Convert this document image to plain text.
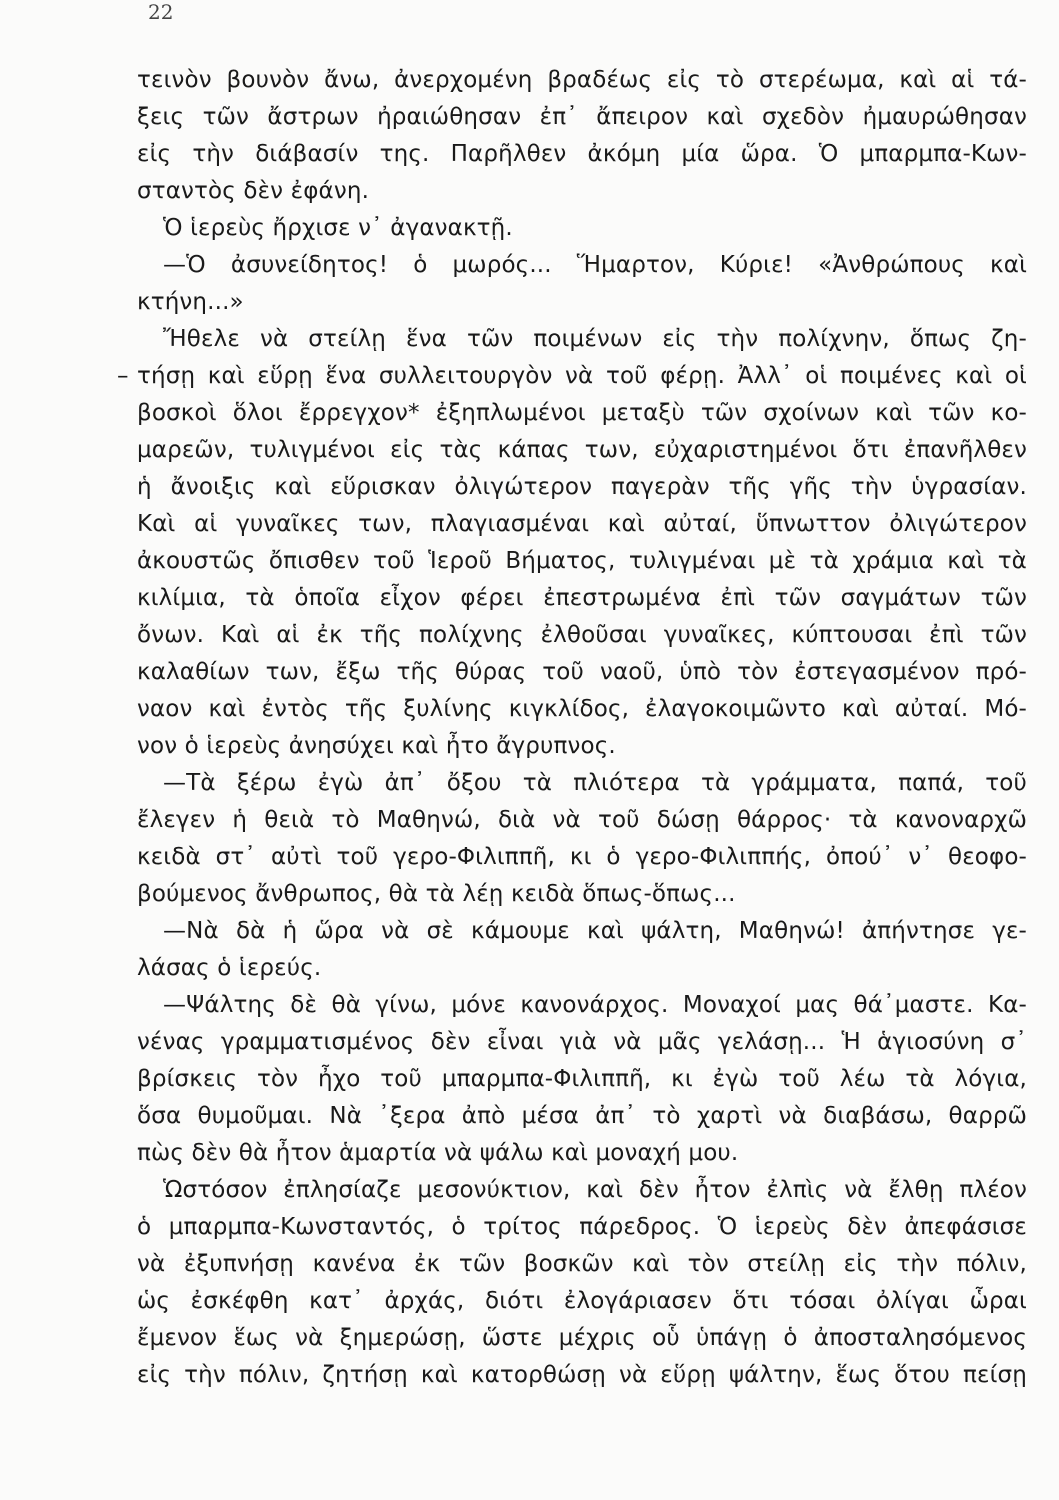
22
τεινὸν βουνὸν ἄνω, ἀνερχομένη βραδέως εἰς τὸ στερέωμα, καὶ αἱ τά-
ξεις τῶν ἄστρων ἠραιώθησαν ἐπ᾽ ἄπειρον καὶ σχεδὸν ἠμαυρώθησαν
εἰς τὴν διάβασίν της. Παρῆλθεν ἀκόμη μία ὥρα. Ὁ μπαρμπα-Κων-
σταντὸς δὲν ἐφάνη.
Ὁ ἱερεὺς ἤρχισε ν᾽ ἀγανακτῇ.
—Ὁ ἀσυνείδητος! ὁ μωρός... Ἥμαρτον, Κύριε! «Ἀνθρώπους καὶ
κτήνη...»
Ἤθελε νὰ στείλῃ ἕνα τῶν ποιμένων εἰς τὴν πολίχνην, ὅπως ζη-
– τήσῃ καὶ εὕρῃ ἕνα συλλειτουργὸν νὰ τοῦ φέρῃ. Ἀλλ᾽ οἱ ποιμένες καὶ οἱ
βοσκοὶ ὅλοι ἔρρεγχον* ἐξηπλωμένοι μεταξὺ τῶν σχοίνων καὶ τῶν κο-
μαρεῶν, τυλιγμένοι εἰς τὰς κάπας των, εὐχαριστημένοι ὅτι ἐπανῆλθεν
ἡ ἄνοιξις καὶ εὕρισκαν ὀλιγώτερον παγερὰν τῆς γῆς τὴν ὑγρασίαν.
Καὶ αἱ γυναῖκες των, πλαγιασμέναι καὶ αὐταί, ὕπνωττον ὀλιγώτερον
ἀκουστῶς ὄπισθεν τοῦ Ἱεροῦ Βήματος, τυλιγμέναι μὲ τὰ χράμια καὶ τὰ
κιλίμια, τὰ ὁποῖα εἶχον φέρει ἐπεστρωμένα ἐπὶ τῶν σαγμάτων τῶν
ὄνων. Καὶ αἱ ἐκ τῆς πολίχνης ἐλθοῦσαι γυναῖκες, κύπτουσαι ἐπὶ τῶν
καλαθίων των, ἔξω τῆς θύρας τοῦ ναοῦ, ὑπὸ τὸν ἐστεγασμένον πρό-
ναον καὶ ἐντὸς τῆς ξυλίνης κιγκλίδος, ἐλαγοκοιμῶντο καὶ αὐταί. Μό-
νον ὁ ἱερεὺς ἀνησύχει καὶ ἦτο ἄγρυπνος.
—Τὰ ξέρω ἐγὼ ἀπ᾽ ὄξου τὰ πλιότερα τὰ γράμματα, παπά, τοῦ
ἔλεγεν ἡ θειὰ τὸ Μαθηνώ, διὰ νὰ τοῦ δώσῃ θάρρος· τὰ κανοναρχῶ
κειδὰ στ᾽ αὐτὶ τοῦ γερο-Φιλιππῆ, κι ὁ γερο-Φιλιππής, ὀπού᾽ ν᾽ θεοφο-
βούμενος ἄνθρωπος, θὰ τὰ λέῃ κειδὰ ὅπως-ὅπως...
—Νὰ δὰ ἡ ὥρα νὰ σὲ κάμουμε καὶ ψάλτη, Μαθηνώ! ἀπήντησε γε-
λάσας ὁ ἱερεύς.
—Ψάλτης δὲ θὰ γίνω, μόνε κανονάρχος. Μοναχοί μας θά᾽μαστε. Κα-
νένας γραμματισμένος δὲν εἶναι γιὰ νὰ μᾶς γελάσῃ... Ἡ ἁγιοσύνη σ᾽
βρίσκεις τὸν ἦχο τοῦ μπαρμπα-Φιλιππῆ, κι ἐγὼ τοῦ λέω τὰ λόγια,
ὅσα θυμοῦμαι. Νὰ ᾽ξερα ἀπὸ μέσα ἀπ᾽ τὸ χαρτὶ νὰ διαβάσω, θαρρῶ
πὼς δὲν θὰ ἦτον ἁμαρτία νὰ ψάλω καὶ μοναχή μου.
Ὡστόσον ἐπλησίαζε μεσονύκτιον, καὶ δὲν ἦτον ἐλπὶς νὰ ἔλθῃ πλέον
ὁ μπαρμπα-Κωνσταντός, ὁ τρίτος πάρεδρος. Ὁ ἱερεὺς δὲν ἀπεφάσισε
νὰ ἐξυπνήσῃ κανένα ἐκ τῶν βοσκῶν καὶ τὸν στείλῃ εἰς τὴν πόλιν,
ὡς ἐσκέφθη κατ᾽ ἀρχάς, διότι ἐλογάριασεν ὅτι τόσαι ὀλίγαι ὧραι
ἔμενον ἕως νὰ ξημερώσῃ, ὥστε μέχρις οὗ ὑπάγῃ ὁ ἀποσταλησόμενος
εἰς τὴν πόλιν, ζητήσῃ καὶ κατορθώσῃ νὰ εὕρῃ ψάλτην, ἕως ὅτου πείσῃ
